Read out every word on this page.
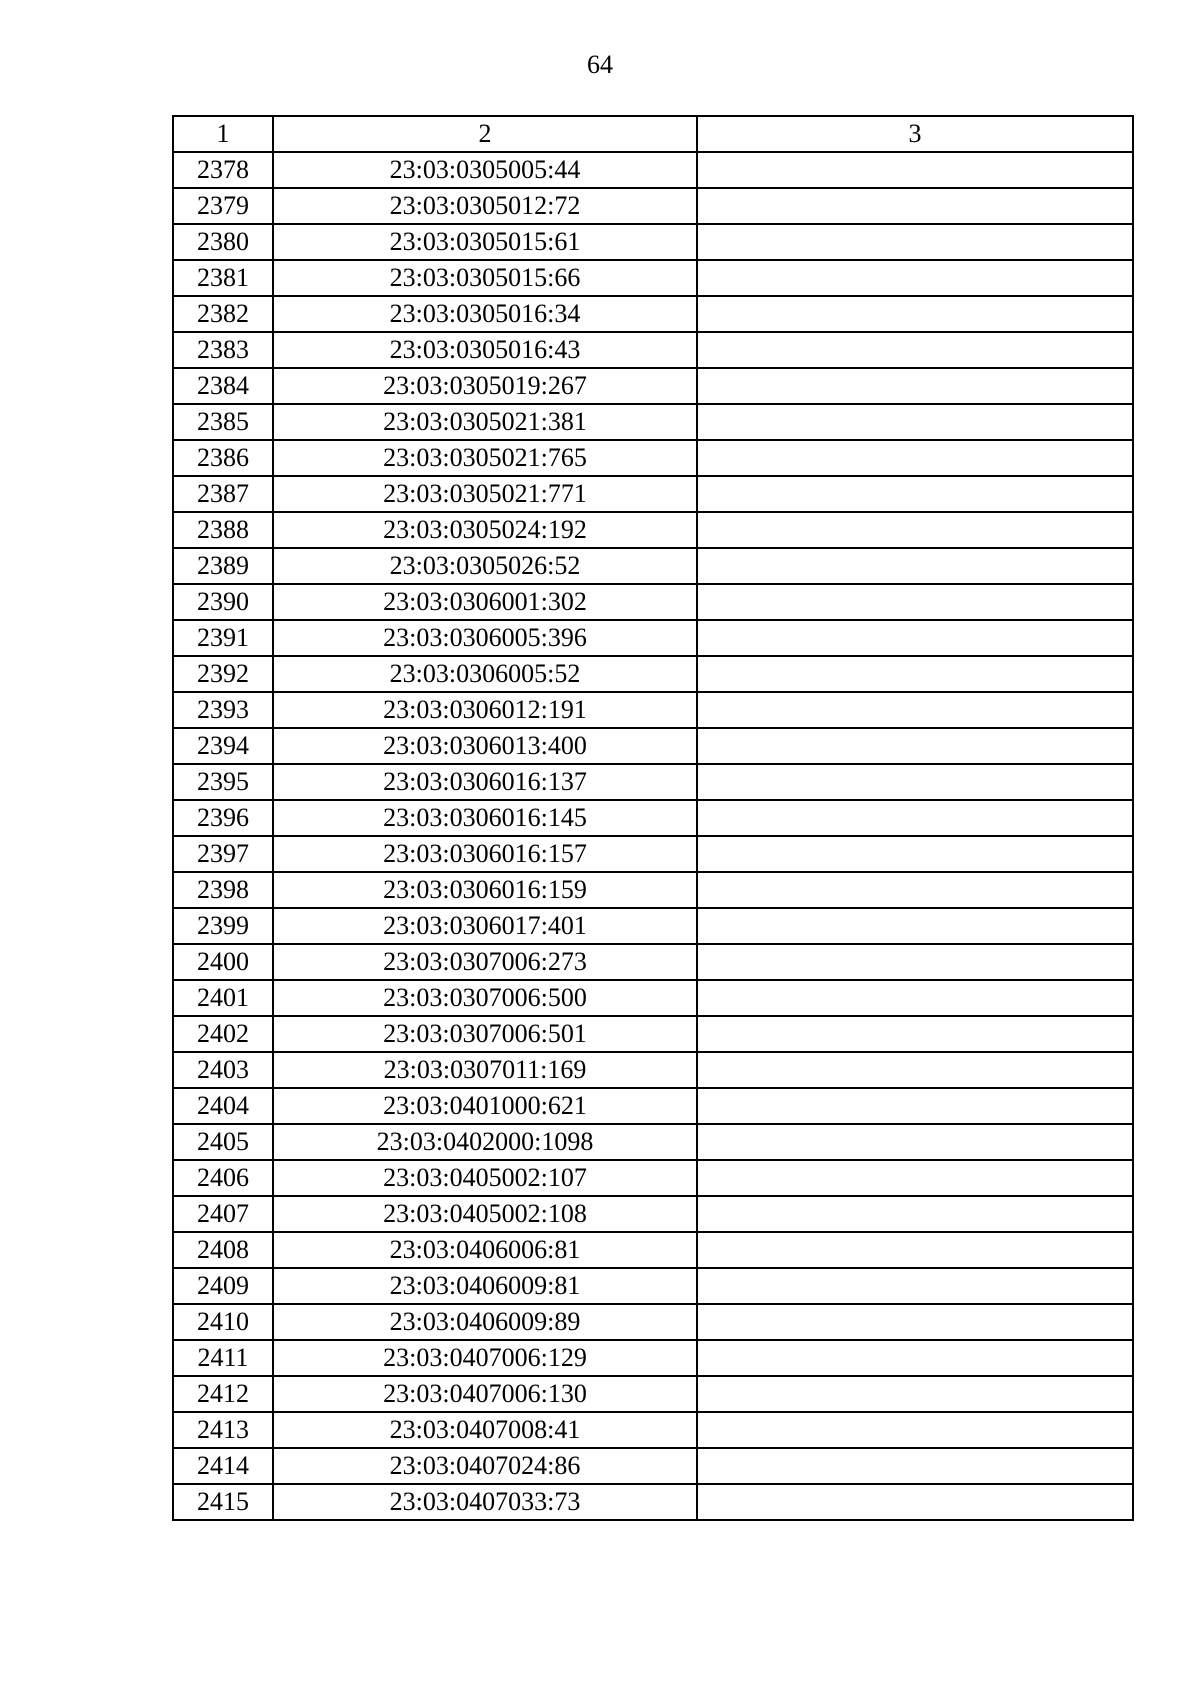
64
1	2	3
2378	23:03:0305005:44	
2379	23:03:0305012:72	
2380	23:03:0305015:61	
2381	23:03:0305015:66	
2382	23:03:0305016:34	
2383	23:03:0305016:43	
2384	23:03:0305019:267	
2385	23:03:0305021:381	
2386	23:03:0305021:765	
2387	23:03:0305021:771	
2388	23:03:0305024:192	
2389	23:03:0305026:52	
2390	23:03:0306001:302	
2391	23:03:0306005:396	
2392	23:03:0306005:52	
2393	23:03:0306012:191	
2394	23:03:0306013:400	
2395	23:03:0306016:137	
2396	23:03:0306016:145	
2397	23:03:0306016:157	
2398	23:03:0306016:159	
2399	23:03:0306017:401	
2400	23:03:0307006:273	
2401	23:03:0307006:500	
2402	23:03:0307006:501	
2403	23:03:0307011:169	
2404	23:03:0401000:621	
2405	23:03:0402000:1098	
2406	23:03:0405002:107	
2407	23:03:0405002:108	
2408	23:03:0406006:81	
2409	23:03:0406009:81	
2410	23:03:0406009:89	
2411	23:03:0407006:129	
2412	23:03:0407006:130	
2413	23:03:0407008:41	
2414	23:03:0407024:86	
2415	23:03:0407033:73	
